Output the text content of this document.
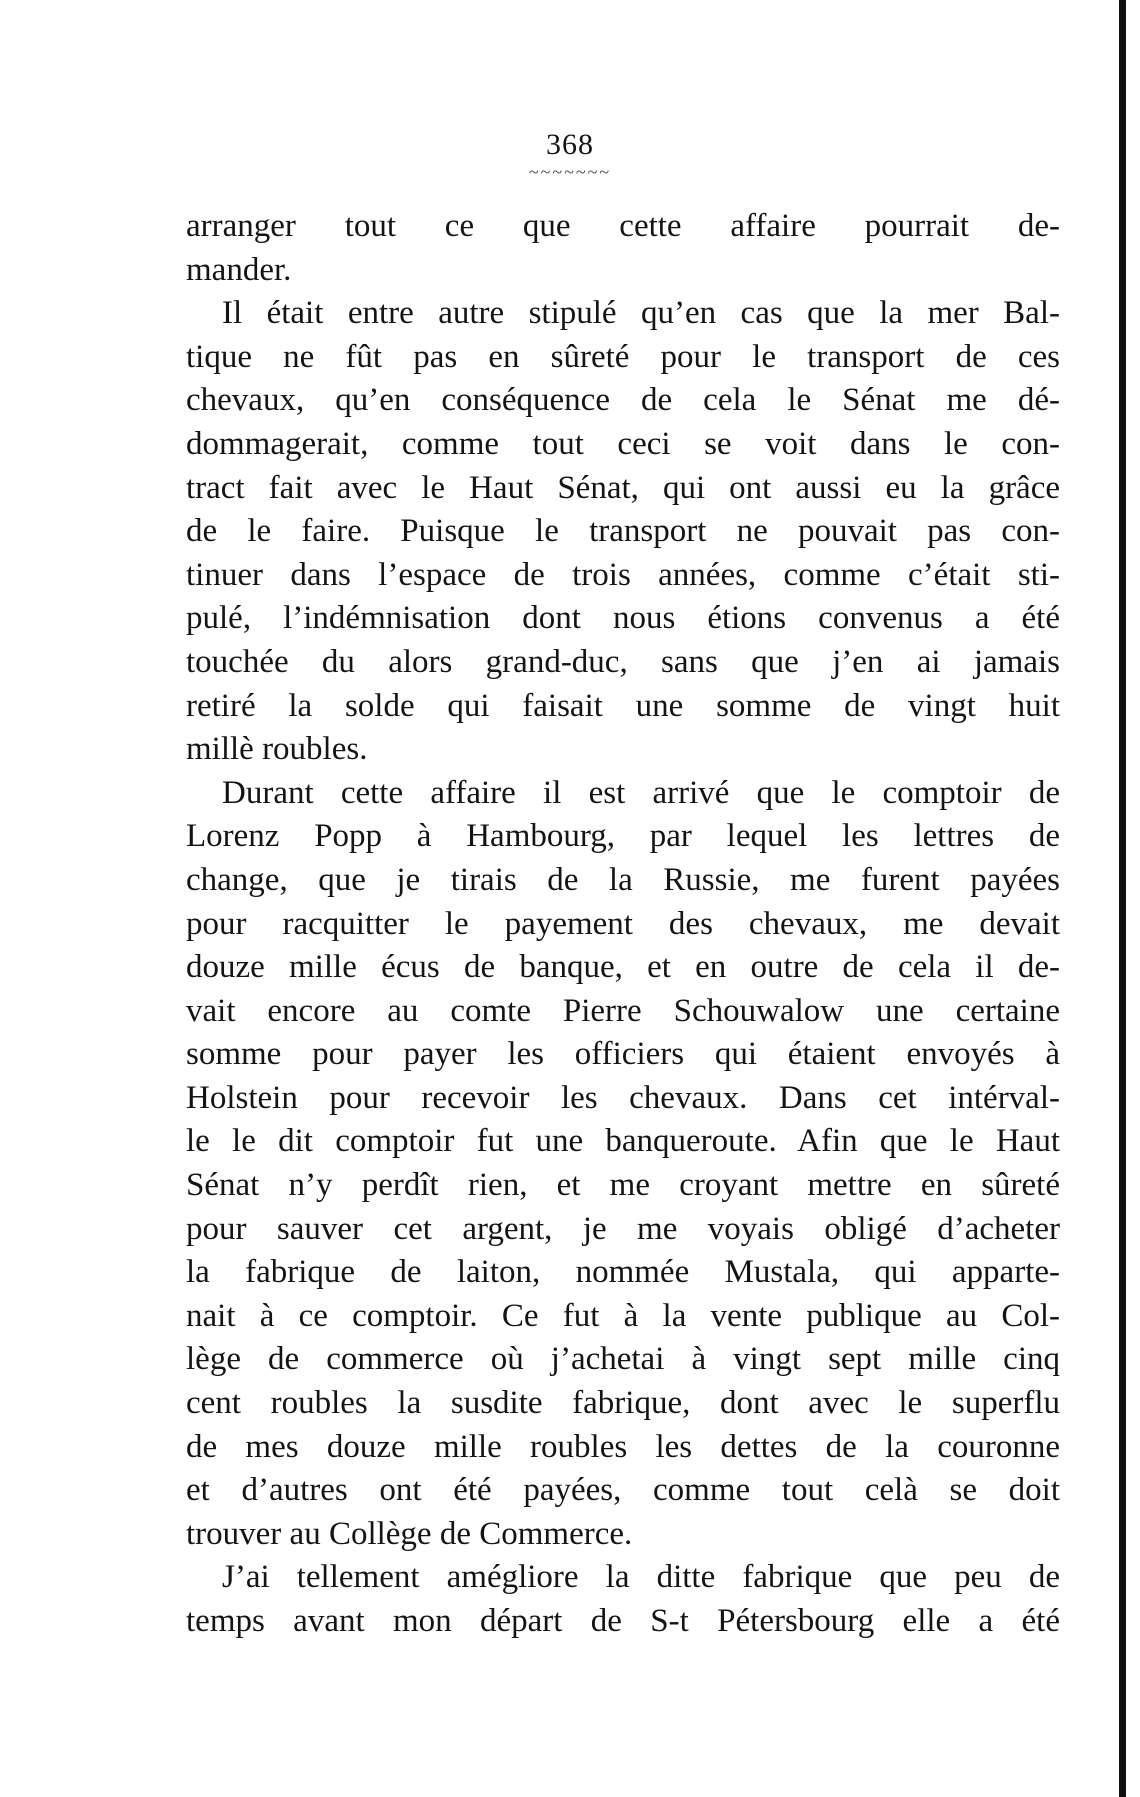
368
~~~~~~~
arranger tout ce que cette affaire pourrait de-
mander.
Il était entre autre stipulé qu’en cas que la mer Bal-
tique ne fût pas en sûreté pour le transport de ces
chevaux, qu’en conséquence de cela le Sénat me dé-
dommagerait, comme tout ceci se voit dans le con-
tract fait avec le Haut Sénat, qui ont aussi eu la grâce
de le faire. Puisque le transport ne pouvait pas con-
tinuer dans l’espace de trois années, comme c’était sti-
pulé, l’indémnisation dont nous étions convenus a été
touchée du alors grand-duc, sans que j’en ai jamais
retiré la solde qui faisait une somme de vingt huit
millè roubles.
Durant cette affaire il est arrivé que le comptoir de
Lorenz Popp à Hambourg, par lequel les lettres de
change, que je tirais de la Russie, me furent payées
pour racquitter le payement des chevaux, me devait
douze mille écus de banque, et en outre de cela il de-
vait encore au comte Pierre Schouwalow une certaine
somme pour payer les officiers qui étaient envoyés à
Holstein pour recevoir les chevaux. Dans cet intérval-
le le dit comptoir fut une banqueroute. Afin que le Haut
Sénat n’y perdît rien, et me croyant mettre en sûreté
pour sauver cet argent, je me voyais obligé d’acheter
la fabrique de laiton, nommée Mustala, qui apparte-
nait à ce comptoir. Ce fut à la vente publique au Col-
lège de commerce où j’achetai à vingt sept mille cinq
cent roubles la susdite fabrique, dont avec le superflu
de mes douze mille roubles les dettes de la couronne
et d’autres ont été payées, comme tout celà se doit
trouver au Collège de Commerce.
J’ai tellement amégliore la ditte fabrique que peu de
temps avant mon départ de S-t Pétersbourg elle a été
